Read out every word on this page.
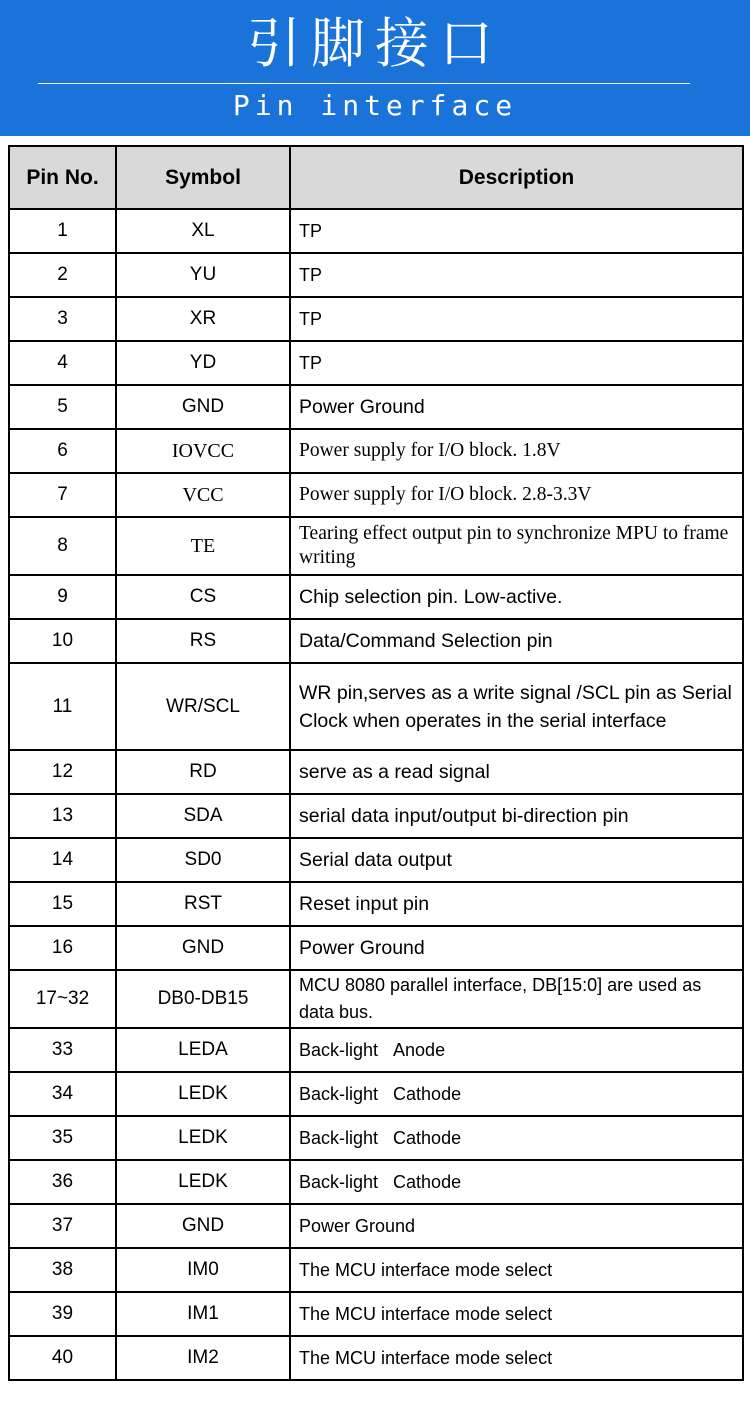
引脚接口
Pin interface
Pin No.	Symbol	Description
1	XL	TP
2	YU	TP
3	XR	TP
4	YD	TP
5	GND	Power Ground
6	IOVCC	Power supply for I/O block. 1.8V
7	VCC	Power supply for I/O block. 2.8-3.3V
8	TE	Tearing effect output pin to synchronize MPU to frame writing
9	CS	Chip selection pin. Low-active.
10	RS	Data/Command Selection pin
11	WR/SCL	WR pin,serves as a write signal /SCL pin as Serial Clock when operates in the serial interface
12	RD	serve as a read signal
13	SDA	serial data input/output bi-direction pin
14	SD0	Serial data output
15	RST	Reset input pin
16	GND	Power Ground
17~32	DB0-DB15	MCU 8080 parallel interface, DB[15:0] are used as data bus.
33	LEDA	Back-light   Anode
34	LEDK	Back-light   Cathode
35	LEDK	Back-light   Cathode
36	LEDK	Back-light   Cathode
37	GND	Power Ground
38	IM0	The MCU interface mode select
39	IM1	The MCU interface mode select
40	IM2	The MCU interface mode select
